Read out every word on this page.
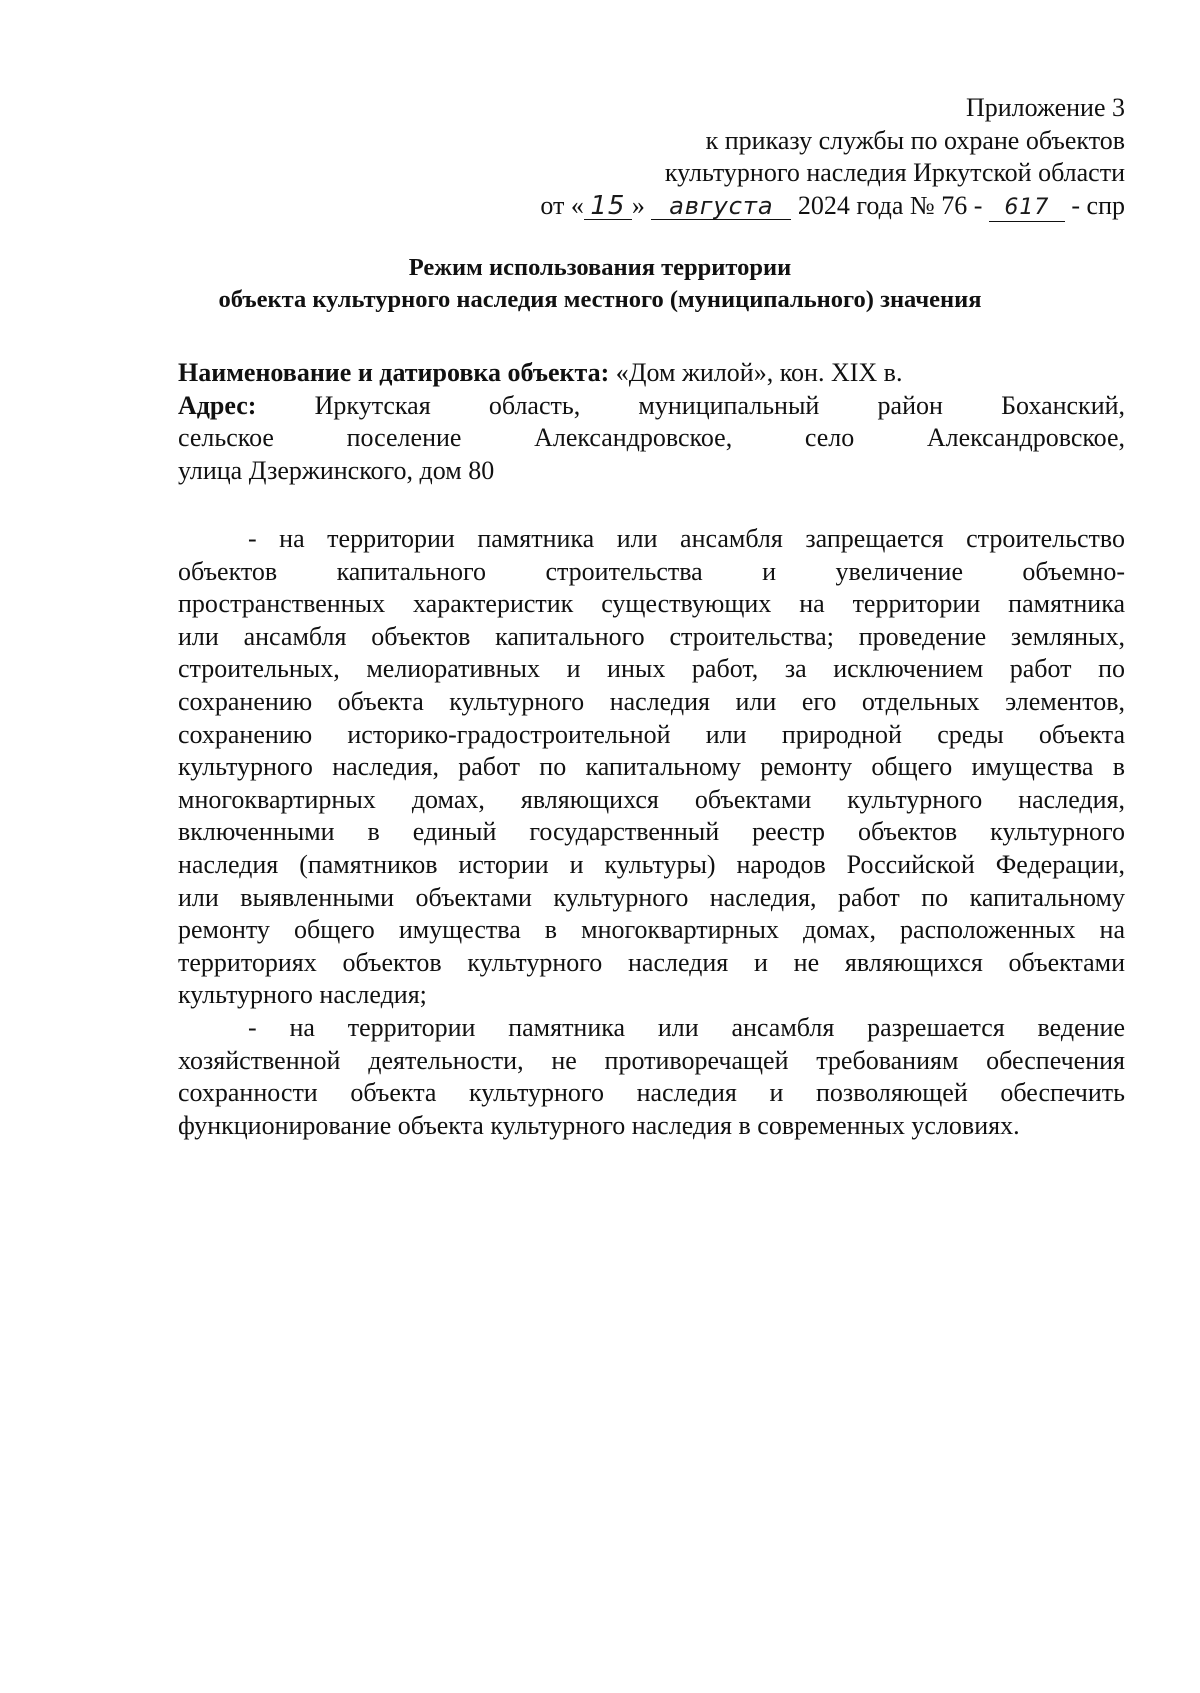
Приложение 3
к приказу службы по охране объектов
культурного наследия Иркутской области
от « 15 » августа 2024 года № 76 - 617 - спр
Режим использования территории
объекта культурного наследия местного (муниципального) значения
Наименование и датировка объекта: «Дом жилой», кон. XIX в.
Адрес: Иркутская область, муниципальный район Боханский,
сельское	поселение	Александровское,	село	Александровское,
улица Дзержинского, дом 80
- на территории памятника или ансамбля запрещается строительство
объектов капитального строительства и увеличение объемно-
пространственных характеристик существующих на территории памятника
или ансамбля объектов капитального строительства; проведение земляных,
строительных, мелиоративных и иных работ, за исключением работ по
сохранению объекта культурного наследия или его отдельных элементов,
сохранению историко-градостроительной или природной среды объекта
культурного наследия, работ по капитальному ремонту общего имущества в
многоквартирных домах, являющихся объектами культурного наследия,
включенными в единый государственный реестр объектов культурного
наследия (памятников истории и культуры) народов Российской Федерации,
или выявленными объектами культурного наследия, работ по капитальному
ремонту общего имущества в многоквартирных домах, расположенных на
территориях объектов культурного наследия и не являющихся объектами
культурного наследия;
- на территории памятника или ансамбля разрешается ведение
хозяйственной деятельности, не противоречащей требованиям обеспечения
сохранности объекта культурного наследия и позволяющей обеспечить
функционирование объекта культурного наследия в современных условиях.
